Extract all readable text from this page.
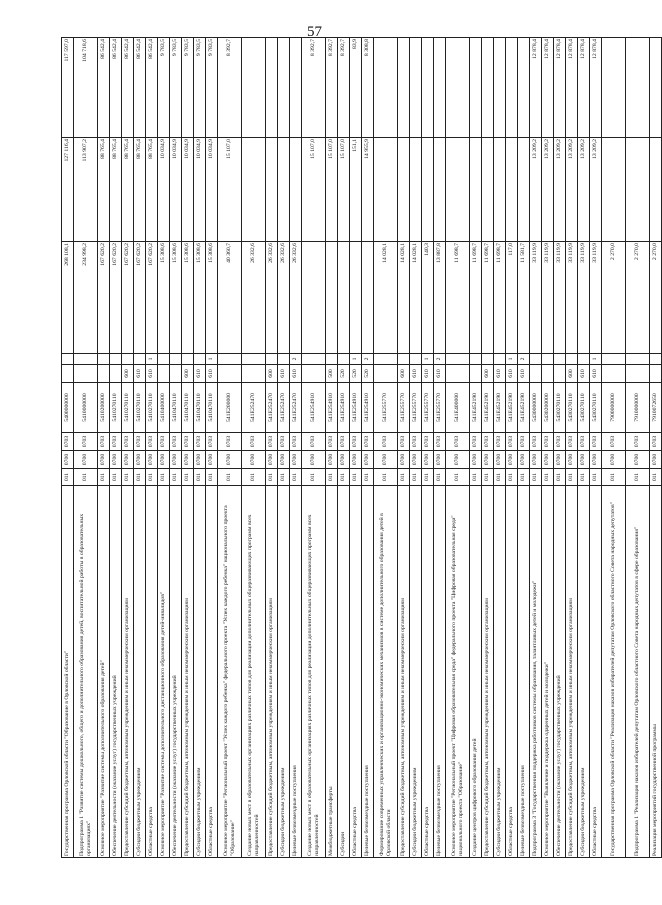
57
Государственная программа Орловской области "Образование в Орловской области"	011	0700	0703	5400000000			268 108,1	127 116,4	117 597,0
Подпрограмма 1 "Развитие системы дошкольного, общего и дополнительного образования детей, воспитательной работы в образовательных организациях"	011	0700	0703	5410000000			234 998,2	113 907,2	104 718,6
Основное мероприятие "Развитие системы дополнительного образования детей"	011	0700	0703	5410200000			167 620,2	88 765,4	86 542,4
Обеспечение деятельности (оказание услуг) государственных учреждений	011	0700	0703	5410270110			167 620,2	88 765,4	86 542,4
Предоставление субсидий бюджетным, автономным учреждениям и иным некоммерческим организациям	011	0700	0703	5410270110	600		167 620,2	88 765,4	86 542,4
Субсидии бюджетным учреждениям	011	0700	0703	5410270110	610		167 620,2	88 765,4	86 542,4
Областные средства	011	0700	0703	5410270110	610	1	167 620,2	88 765,4	86 542,4
Основное мероприятие "Развитие системы дополнительного дистанционного образования детей-инвалидов"	011	0700	0703	5410400000			15 308,6	10 034,9	9 783,5
Обеспечение деятельности (оказание услуг) государственных учреждений	011	0700	0703	5410470110			15 308,6	10 034,9	9 783,5
Предоставление субсидий бюджетным, автономным учреждениям и иным некоммерческим организациям	011	0700	0703	5410470110	600		15 308,6	10 034,9	9 783,5
Субсидии бюджетным учреждениям	011	0700	0703	5410470110	610		15 308,6	10 034,9	9 783,5
Областные средства	011	0700	0703	5410470110	610	1	15 308,6	10 034,9	9 783,5
Основное мероприятие "Региональный проект "Успех каждого ребенка" федерального проекта "Успех каждого ребенка" национального проекта "Образование"	011	0700	0703	541E200000			40 360,7	15 107,0	8 392,7
Создание новых мест в образовательных организациях различных типов для реализации дополнительных общеразвивающих программ всех направленностей	011	0700	0703	541E252470			26 332,6		
Предоставление субсидий бюджетным, автономным учреждениям и иным некоммерческим организациям	011	0700	0703	541E252470	600		26 332,6		
Субсидии бюджетным учреждениям	011	0700	0703	541E252470	610		26 332,6		
Целевые безвозмездные поступления	011	0700	0703	541E252470	610	2	26 332,6		
Создание новых мест в образовательных организациях различных типов для реализации дополнительных общеразвивающих программ всех направленностей	011	0700	0703	541E254910				15 107,0	8 392,7
Межбюджетные трансферты	011	0700	0703	541E254910	500			15 107,0	8 392,7
Субсидии	011	0700	0703	541E254910	520			15 107,0	8 392,7
Областные средства	011	0700	0703	541E254910	520	1		151,1	83,9
Целевые безвозмездные поступления	011	0700	0703	541E254910	520	2		14 955,9	8 308,8
Формирование современных управленческих и организационно-экономических механизмов в системе дополнительного образования детей в Орловской области	011	0700	0703	541E255770			14 028,1		
Предоставление субсидий бюджетным, автономным учреждениям и иным некоммерческим организациям	011	0700	0703	541E255770	600		14 028,1		
Субсидии бюджетным учреждениям	011	0700	0703	541E255770	610		14 028,1		
Областные средства	011	0700	0703	541E255770	610	1	140,3		
Целевые безвозмездные поступления	011	0700	0703	541E255770	610	2	13 887,8		
Основное мероприятие "Региональный проект "Цифровая образовательная среда" федерального проекта "Цифровая образовательная среда" национального проекта "Образование"	011	0700	0703	541E400000			11 698,7		
Создание центров цифрового образования детей	011	0700	0703	541E452190			11 698,7		
Предоставление субсидий бюджетным, автономным учреждениям и иным некоммерческим организациям	011	0700	0703	541E452190	600		11 698,7		
Субсидии бюджетным учреждениям	011	0700	0703	541E452190	610		11 698,7		
Областные средства	011	0700	0703	541E452190	610	1	117,0		
Целевые безвозмездные поступления	011	0700	0703	541E452190	610	2	11 581,7		
Подпрограмма 3 "Государственная поддержка работников системы образования, талантливых детей и молодежи"	011	0700	0703	5430000000			33 119,9	13 209,2	12 878,4
Основное мероприятие "Выявление и поддержка одаренных детей и молодежи"	011	0700	0703	5430200000			33 119,9	13 209,2	12 878,4
Обеспечение деятельности (оказание услуг) государственных учреждений	011	0700	0703	5430270110			33 119,9	13 209,2	12 878,4
Предоставление субсидий бюджетным, автономным учреждениям и иным некоммерческим организациям	011	0700	0703	5430270110	600		33 119,9	13 209,2	12 878,4
Субсидии бюджетным учреждениям	011	0700	0703	5430270110	610		33 119,9	13 209,2	12 878,4
Областные средства	011	0700	0703	5430270110	610	1	33 119,9	13 209,2	12 878,4
Государственная программа Орловской области "Реализация наказов избирателей депутатам Орловского областного Совета народных депутатов"	011	0700	0703	7900000000			2 270,0		
Подпрограмма 1 "Реализация наказов избирателей депутатам Орловского областного Совета народных депутатов в сфере образования"	011	0700	0703	7910000000			2 270,0		
Реализация мероприятий государственной программы	011	0700	0703	7910072650			2 270,0		
